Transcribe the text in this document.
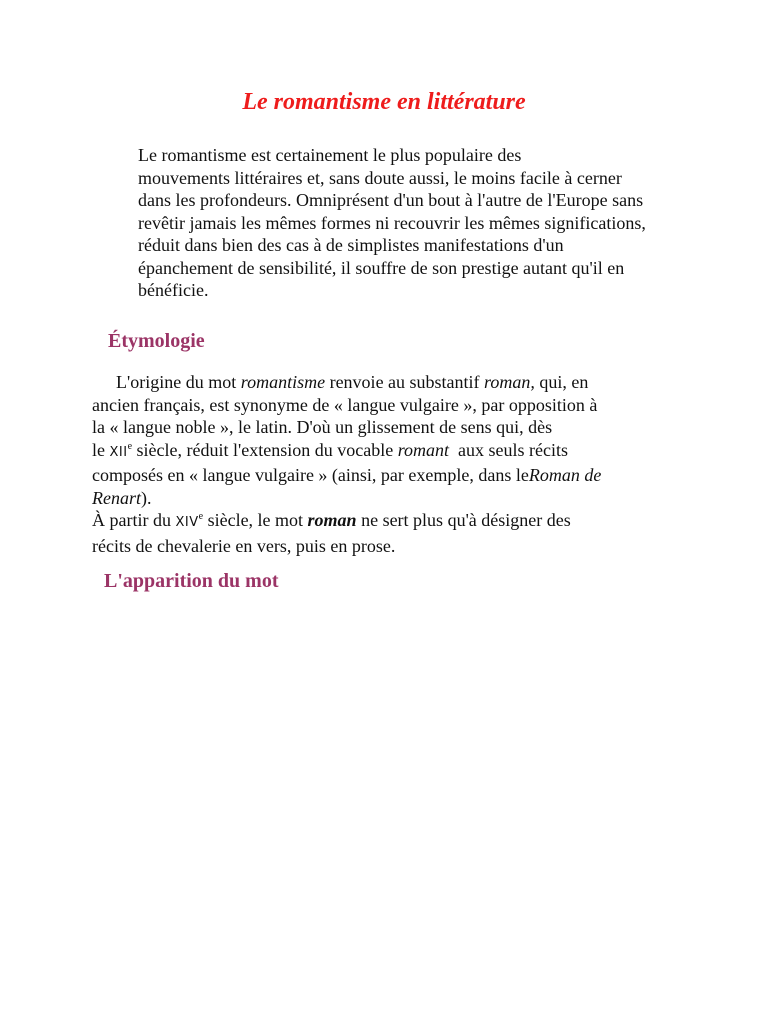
Le romantisme en littérature

Le romantisme est certainement le plus populaire des
mouvements littéraires et, sans doute aussi, le moins facile à cerner
dans les profondeurs. Omniprésent d'un bout à l'autre de l'Europe sans
revêtir jamais les mêmes formes ni recouvrir les mêmes significations,
réduit dans bien des cas à de simplistes manifestations d'un
épanchement de sensibilité, il souffre de son prestige autant qu'il en
bénéficie.

Étymologie

L'origine du mot romantisme renvoie au substantif roman, qui, en
ancien français, est synonyme de « langue vulgaire », par opposition à
la « langue noble », le latin. D'où un glissement de sens qui, dès
le XIIe siècle, réduit l'extension du vocable romant  aux seuls récits
composés en « langue vulgaire » (ainsi, par exemple, dans leRoman de
Renart).
À partir du XIVe siècle, le mot roman ne sert plus qu'à désigner des
récits de chevalerie en vers, puis en prose.

L'apparition du mot
